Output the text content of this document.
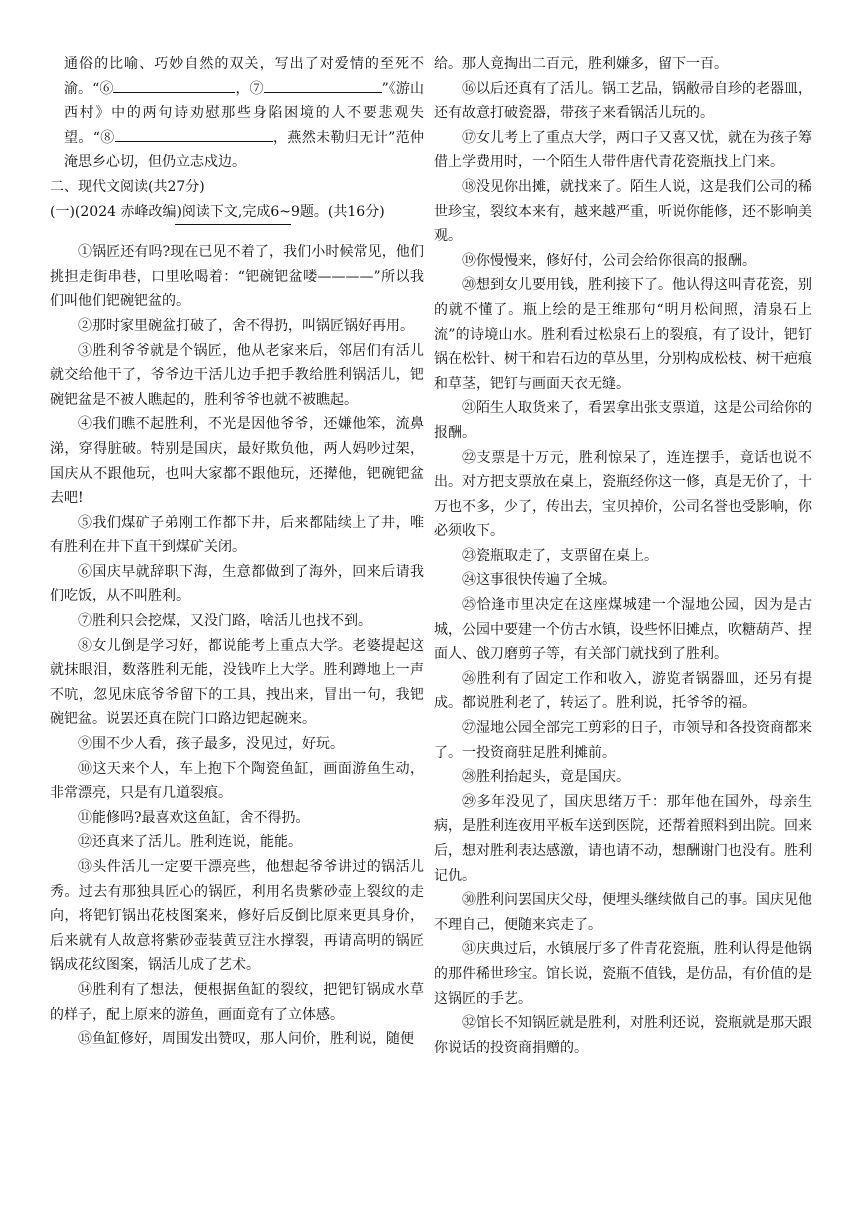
通俗的比喻、巧妙自然的双关，写出了对爱情的至死不渝。“⑥	，⑦	”《游山西村》中的两句诗劝慰那些身陷困境的人不要悲观失望。“⑧	，燕然未勒归无计”范仲淹思乡心切，但仍立志戍边。

二、现代文阅读(共27分)

(一)(2024 赤峰改编)阅读下文,完成6~9题。(共16分)

①锅匠还有吗?现在已见不着了，我们小时候常见，他们挑担走街串巷，口里吆喝着：“钯碗钯盆喽————”所以我们叫他们钯碗钯盆的。

②那时家里碗盆打破了，舍不得扔，叫锅匠锅好再用。

③胜利爷爷就是个锅匠，他从老家来后，邻居们有活儿就交给他干了，爷爷边干活儿边手把手教给胜利锅活儿，钯碗钯盆是不被人瞧起的，胜利爷爷也就不被瞧起。

④我们瞧不起胜利，不光是因他爷爷，还嫌他笨，流鼻涕，穿得脏破。特别是国庆，最好欺负他，两人妈吵过架，国庆从不跟他玩，也叫大家都不跟他玩，还撵他，钯碗钯盆去吧!

⑤我们煤矿子弟刚工作都下井，后来都陆续上了井，唯有胜利在井下直干到煤矿关闭。

⑥国庆早就辞职下海，生意都做到了海外，回来后请我们吃饭，从不叫胜利。

⑦胜利只会挖煤，又没门路，啥活儿也找不到。

⑧女儿倒是学习好，都说能考上重点大学。老婆提起这就抹眼泪，数落胜利无能，没钱咋上大学。胜利蹲地上一声不吭，忽见床底爷爷留下的工具，拽出来，冒出一句，我钯碗钯盆。说罢还真在院门口路边钯起碗来。

⑨围不少人看，孩子最多，没见过，好玩。

⑩这天来个人，车上抱下个陶瓷鱼缸，画面游鱼生动，非常漂亮，只是有几道裂痕。

⑪能修吗?最喜欢这鱼缸，舍不得扔。

⑫还真来了活儿。胜利连说，能能。

⑬头件活儿一定要干漂亮些，他想起爷爷讲过的锅活儿秀。过去有那独具匠心的锅匠，利用名贵紫砂壶上裂纹的走向，将钯钉锅出花枝图案来，修好后反倒比原来更具身价，后来就有人故意将紫砂壶装黄豆注水撑裂，再请高明的锅匠锅成花纹图案，锅活儿成了艺术。

⑭胜利有了想法，便根据鱼缸的裂纹，把钯钉锅成水草的样子，配上原来的游鱼，画面竟有了立体感。

⑮鱼缸修好，周围发出赞叹，那人问价，胜利说，随便

给。那人竟掏出二百元，胜利嫌多，留下一百。

⑯以后还真有了活儿。锅工艺品，锅敝帚自珍的老器皿，还有故意打破瓷器，带孩子来看锅活儿玩的。

⑰女儿考上了重点大学，两口子又喜又忧，就在为孩子筹借上学费用时，一个陌生人带件唐代青花瓷瓶找上门来。

⑱没见你出摊，就找来了。陌生人说，这是我们公司的稀世珍宝，裂纹本来有，越来越严重，听说你能修，还不影响美观。

⑲你慢慢来，修好付，公司会给你很高的报酬。

⑳想到女儿要用钱，胜利接下了。他认得这叫青花瓷，别的就不懂了。瓶上绘的是王维那句“明月松间照，清泉石上流”的诗境山水。胜利看过松泉石上的裂痕，有了设计，钯钉锅在松针、树干和岩石边的草丛里，分别构成松枝、树干疤痕和草茎，钯钉与画面天衣无缝。

㉑陌生人取货来了，看罢拿出张支票道，这是公司给你的报酬。

㉒支票是十万元，胜利惊呆了，连连摆手，竟话也说不出。对方把支票放在桌上，瓷瓶经你这一修，真是无价了，十万也不多，少了，传出去，宝贝掉价，公司名誉也受影响，你必须收下。

㉓瓷瓶取走了，支票留在桌上。

㉔这事很快传遍了全城。

㉕恰逢市里决定在这座煤城建一个湿地公园，因为是古城，公园中要建一个仿古水镇，设些怀旧摊点，吹糖葫芦、捏面人、戗刀磨剪子等，有关部门就找到了胜利。

㉖胜利有了固定工作和收入，游览者锅器皿，还另有提成。都说胜利老了，转运了。胜利说，托爷爷的福。

㉗湿地公园全部完工剪彩的日子，市领导和各投资商都来了。一投资商驻足胜利摊前。

㉘胜利抬起头，竟是国庆。

㉙多年没见了，国庆思绪万千：那年他在国外，母亲生病，是胜利连夜用平板车送到医院，还帮着照料到出院。回来后，想对胜利表达感激，请也请不动，想酬谢门也没有。胜利记仇。

㉚胜利问罢国庆父母，便埋头继续做自己的事。国庆见他不理自己，便随来宾走了。

㉛庆典过后，水镇展厅多了件青花瓷瓶，胜利认得是他锅的那件稀世珍宝。馆长说，瓷瓶不值钱，是仿品，有价值的是这锅匠的手艺。

㉜馆长不知锅匠就是胜利，对胜利还说，瓷瓶就是那天跟你说话的投资商捐赠的。
